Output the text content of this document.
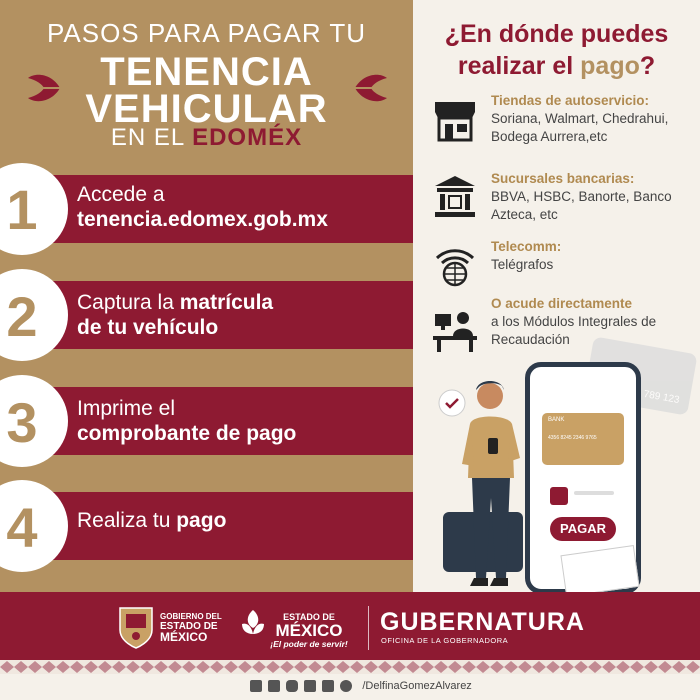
PASOS PARA PAGAR TU
TENENCIA
VEHICULAR
EN EL EDOMÉX
1	Accede a
tenencia.edomex.gob.mx
2	Captura la matrícula
de tu vehículo
3	Imprime el
comprobante de pago
4	Realiza tu pago
¿En dónde puedes
realizar el pago?
Tiendas de autoservicio:
Soriana, Walmart, Chedrahui, Bodega Aurrera,etc
Sucursales bancarias:
BBVA, HSBC, Banorte, Banco Azteca, etc
Telecomm:
Telégrafos
O acude directamente
a los Módulos Integrales de Recaudación
789 123
BANK
4356 8245 2346 9765
PAGAR
GOBIERNO DEL
ESTADO DE
MÉXICO
ESTADO DE
MÉXICO
¡El poder de servir!
GUBERNATURA
OFICINA DE LA GOBERNADORA
/DelfinaGomezAlvarez
